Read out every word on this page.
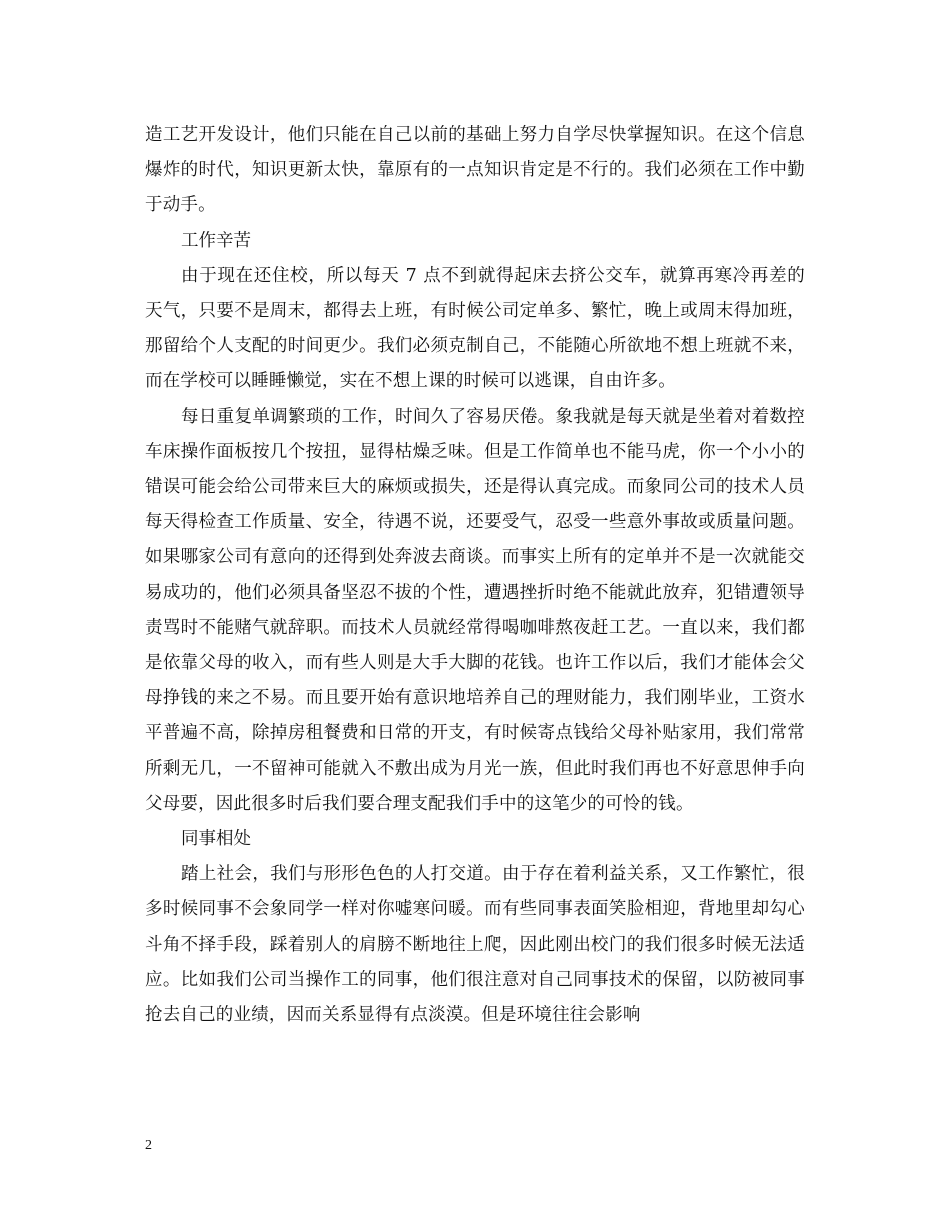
造工艺开发设计，他们只能在自己以前的基础上努力自学尽快掌握知识。在这个信息爆炸的时代，知识更新太快，靠原有的一点知识肯定是不行的。我们必须在工作中勤于动手。

工作辛苦

由于现在还住校，所以每天 7 点不到就得起床去挤公交车，就算再寒冷再差的天气，只要不是周末，都得去上班，有时候公司定单多、繁忙，晚上或周末得加班，那留给个人支配的时间更少。我们必须克制自己，不能随心所欲地不想上班就不来，而在学校可以睡睡懒觉，实在不想上课的时候可以逃课，自由许多。

每日重复单调繁琐的工作，时间久了容易厌倦。象我就是每天就是坐着对着数控车床操作面板按几个按扭，显得枯燥乏味。但是工作简单也不能马虎，你一个小小的错误可能会给公司带来巨大的麻烦或损失，还是得认真完成。而象同公司的技术人员每天得检查工作质量、安全，待遇不说，还要受气，忍受一些意外事故或质量问题。如果哪家公司有意向的还得到处奔波去商谈。而事实上所有的定单并不是一次就能交易成功的，他们必须具备坚忍不拔的个性，遭遇挫折时绝不能就此放弃，犯错遭领导责骂时不能赌气就辞职。而技术人员就经常得喝咖啡熬夜赶工艺。一直以来，我们都是依靠父母的收入，而有些人则是大手大脚的花钱。也许工作以后，我们才能体会父母挣钱的来之不易。而且要开始有意识地培养自己的理财能力，我们刚毕业，工资水平普遍不高，除掉房租餐费和日常的开支，有时候寄点钱给父母补贴家用，我们常常所剩无几，一不留神可能就入不敷出成为月光一族，但此时我们再也不好意思伸手向父母要，因此很多时后我们要合理支配我们手中的这笔少的可怜的钱。

同事相处

踏上社会，我们与形形色色的人打交道。由于存在着利益关系，又工作繁忙，很多时候同事不会象同学一样对你嘘寒问暖。而有些同事表面笑脸相迎，背地里却勾心斗角不择手段，踩着别人的肩膀不断地往上爬，因此刚出校门的我们很多时候无法适应。比如我们公司当操作工的同事，他们很注意对自己同事技术的保留，以防被同事抢去自己的业绩，因而关系显得有点淡漠。但是环境往往会影响

2
